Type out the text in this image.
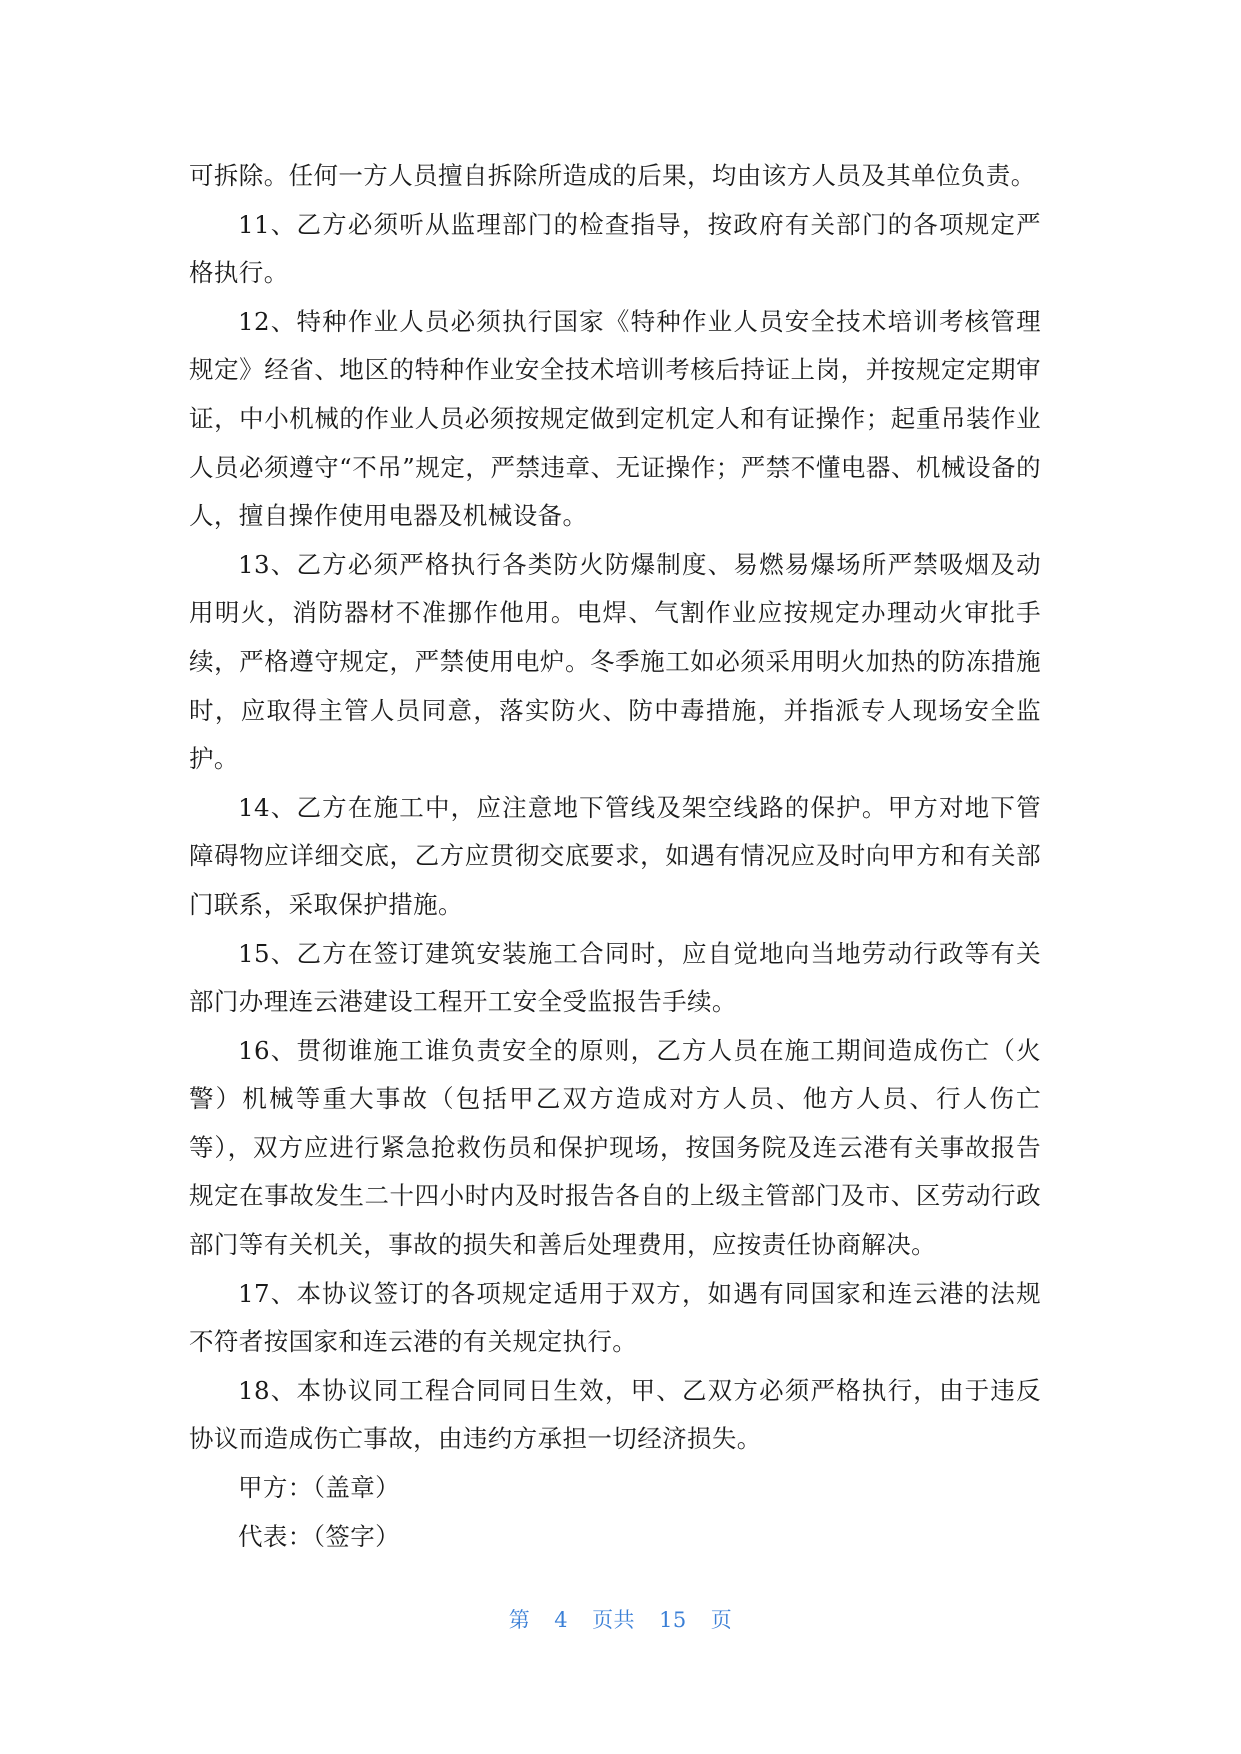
可拆除。任何一方人员擅自拆除所造成的后果，均由该方人员及其单位负责。

11、乙方必须听从监理部门的检查指导，按政府有关部门的各项规定严格执行。

12、特种作业人员必须执行国家《特种作业人员安全技术培训考核管理规定》经省、地区的特种作业安全技术培训考核后持证上岗，并按规定定期审证，中小机械的作业人员必须按规定做到定机定人和有证操作；起重吊装作业人员必须遵守“不吊”规定，严禁违章、无证操作；严禁不懂电器、机械设备的人，擅自操作使用电器及机械设备。

13、乙方必须严格执行各类防火防爆制度、易燃易爆场所严禁吸烟及动用明火，消防器材不准挪作他用。电焊、气割作业应按规定办理动火审批手续，严格遵守规定，严禁使用电炉。冬季施工如必须采用明火加热的防冻措施时，应取得主管人员同意，落实防火、防中毒措施，并指派专人现场安全监护。

14、乙方在施工中，应注意地下管线及架空线路的保护。甲方对地下管障碍物应详细交底，乙方应贯彻交底要求，如遇有情况应及时向甲方和有关部门联系，采取保护措施。

15、乙方在签订建筑安装施工合同时，应自觉地向当地劳动行政等有关部门办理连云港建设工程开工安全受监报告手续。

16、贯彻谁施工谁负责安全的原则，乙方人员在施工期间造成伤亡（火警）机械等重大事故（包括甲乙双方造成对方人员、他方人员、行人伤亡等），双方应进行紧急抢救伤员和保护现场，按国务院及连云港有关事故报告规定在事故发生二十四小时内及时报告各自的上级主管部门及市、区劳动行政部门等有关机关，事故的损失和善后处理费用，应按责任协商解决。

17、本协议签订的各项规定适用于双方，如遇有同国家和连云港的法规不符者按国家和连云港的有关规定执行。

18、本协议同工程合同同日生效，甲、乙双方必须严格执行，由于违反协议而造成伤亡事故，由违约方承担一切经济损失。

甲方：（盖章）

代表：（签字）

第 4 页共 15 页
